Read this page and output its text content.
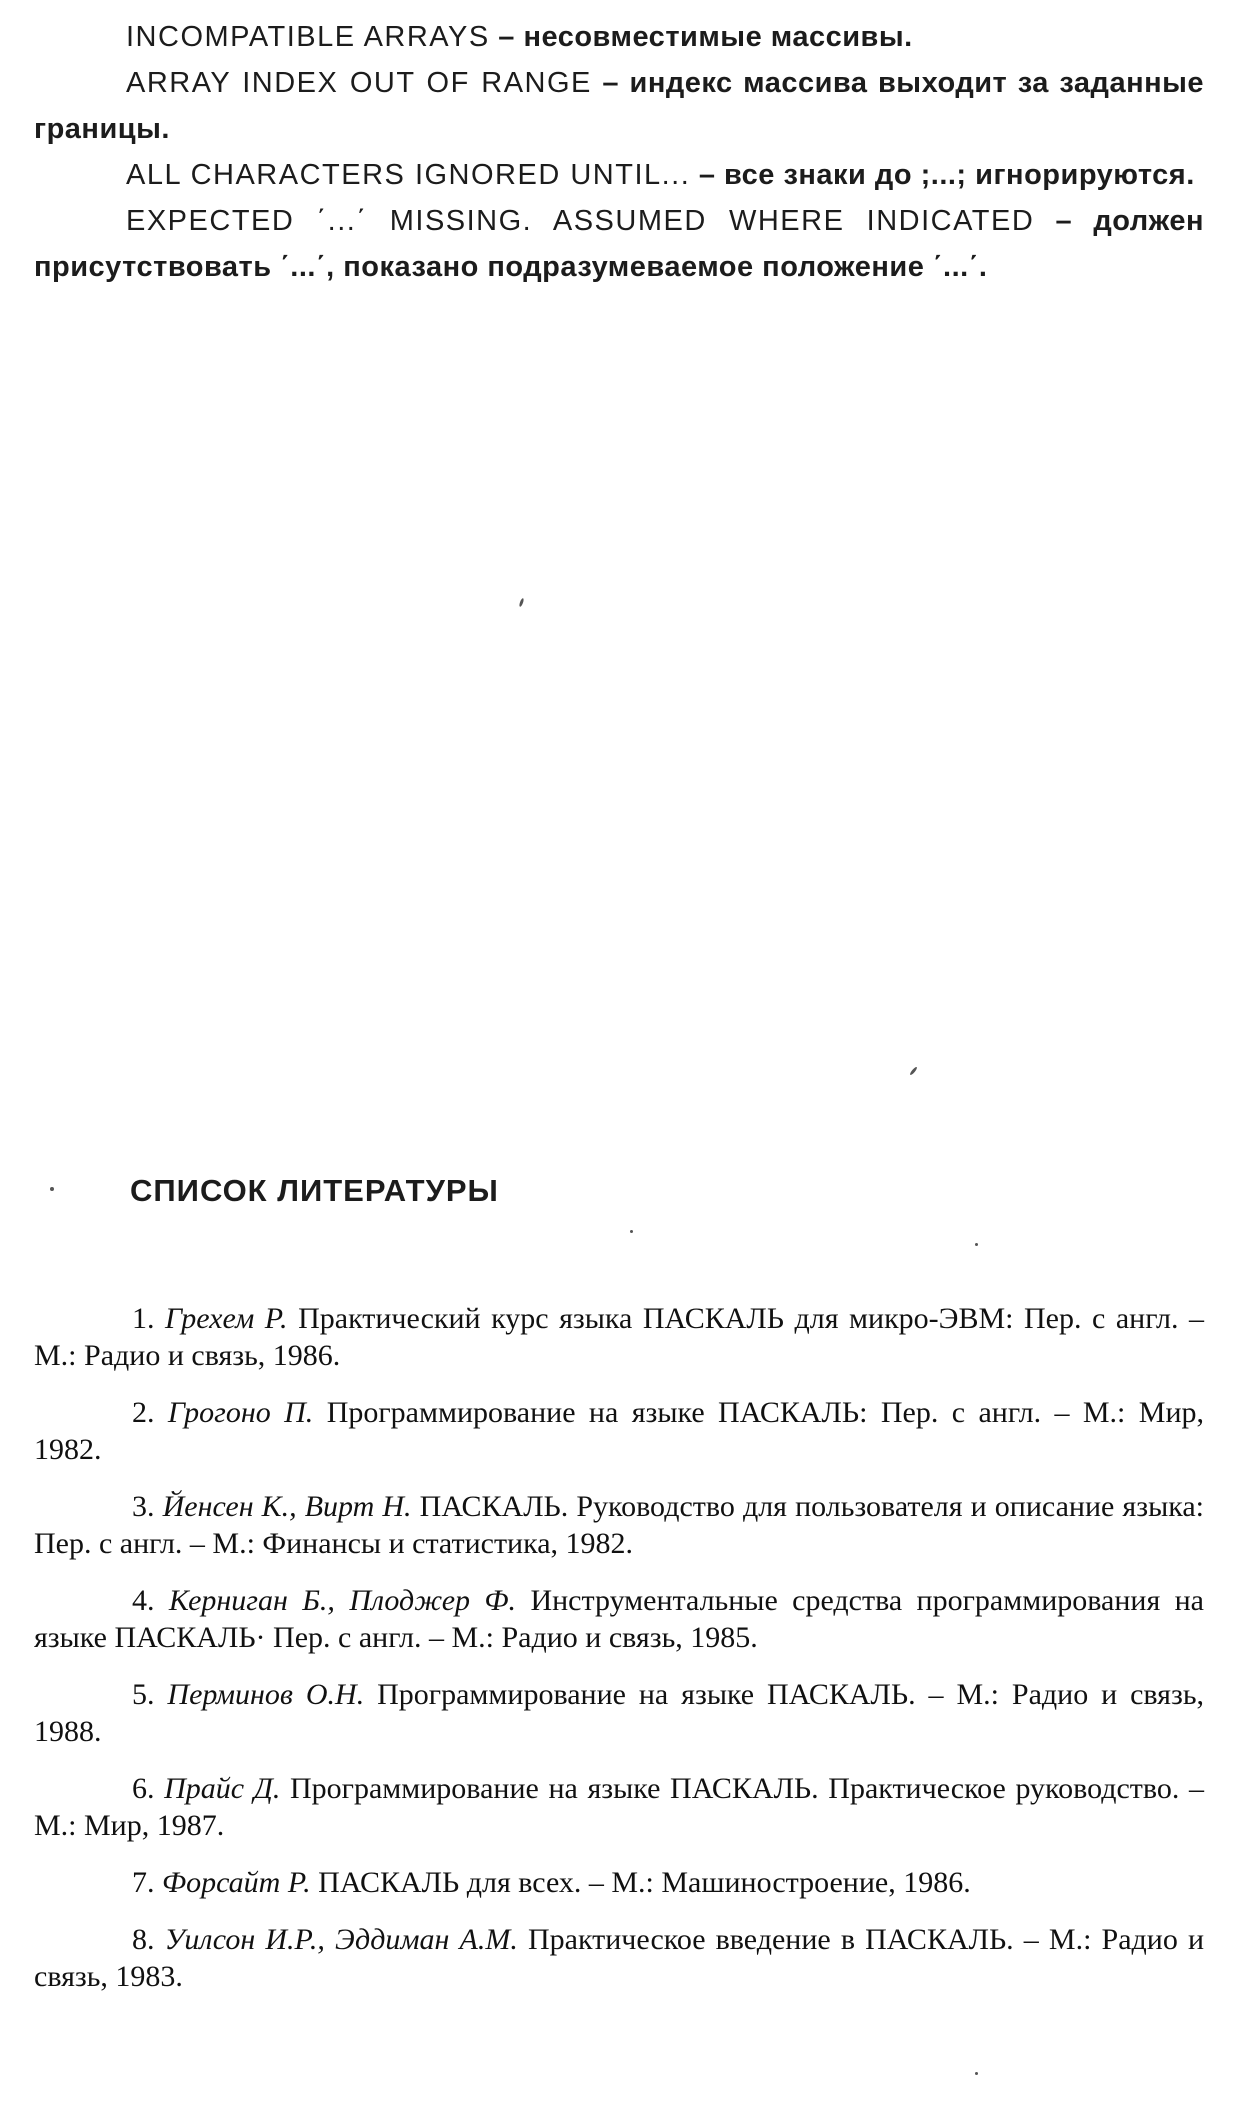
INCOMPATIBLE ARRAYS – несовместимые массивы.

ARRAY INDEX OUT OF RANGE – индекс массива выходит за заданные границы.

ALL CHARACTERS IGNORED UNTIL... – все знаки до ;...; игнорируются.

EXPECTED ΄...΄ MISSING. ASSUMED WHERE INDICATED – должен присутствовать ΄...΄, показано подразумеваемое положение ΄...΄.

СПИСОК ЛИТЕРАТУРЫ
1. Грехем Р. Практический курс языка ПАСКАЛЬ для микро-ЭВМ: Пер. с англ. – М.: Радио и связь, 1986.
2. Грогоно П. Программирование на языке ПАСКАЛЬ: Пер. с англ. – М.: Мир, 1982.
3. Йенсен К., Вирт Н. ПАСКАЛЬ. Руководство для пользователя и описание языка: Пер. с англ. – М.: Финансы и статистика, 1982.
4. Керниган Б., Плоджер Ф. Инструментальные средства программирования на языке ПАСКАЛЬ· Пер. с англ. – М.: Радио и связь, 1985.
5. Перминов О.Н. Программирование на языке ПАСКАЛЬ. – М.: Радио и связь, 1988.
6. Прайс Д. Программирование на языке ПАСКАЛЬ. Практическое руководство. – М.: Мир, 1987.
7. Форсайт Р. ПАСКАЛЬ для всех. – М.: Машиностроение, 1986.
8. Уилсон И.Р., Эддиман А.М. Практическое введение в ПАСКАЛЬ. – М.: Радио и связь, 1983.
